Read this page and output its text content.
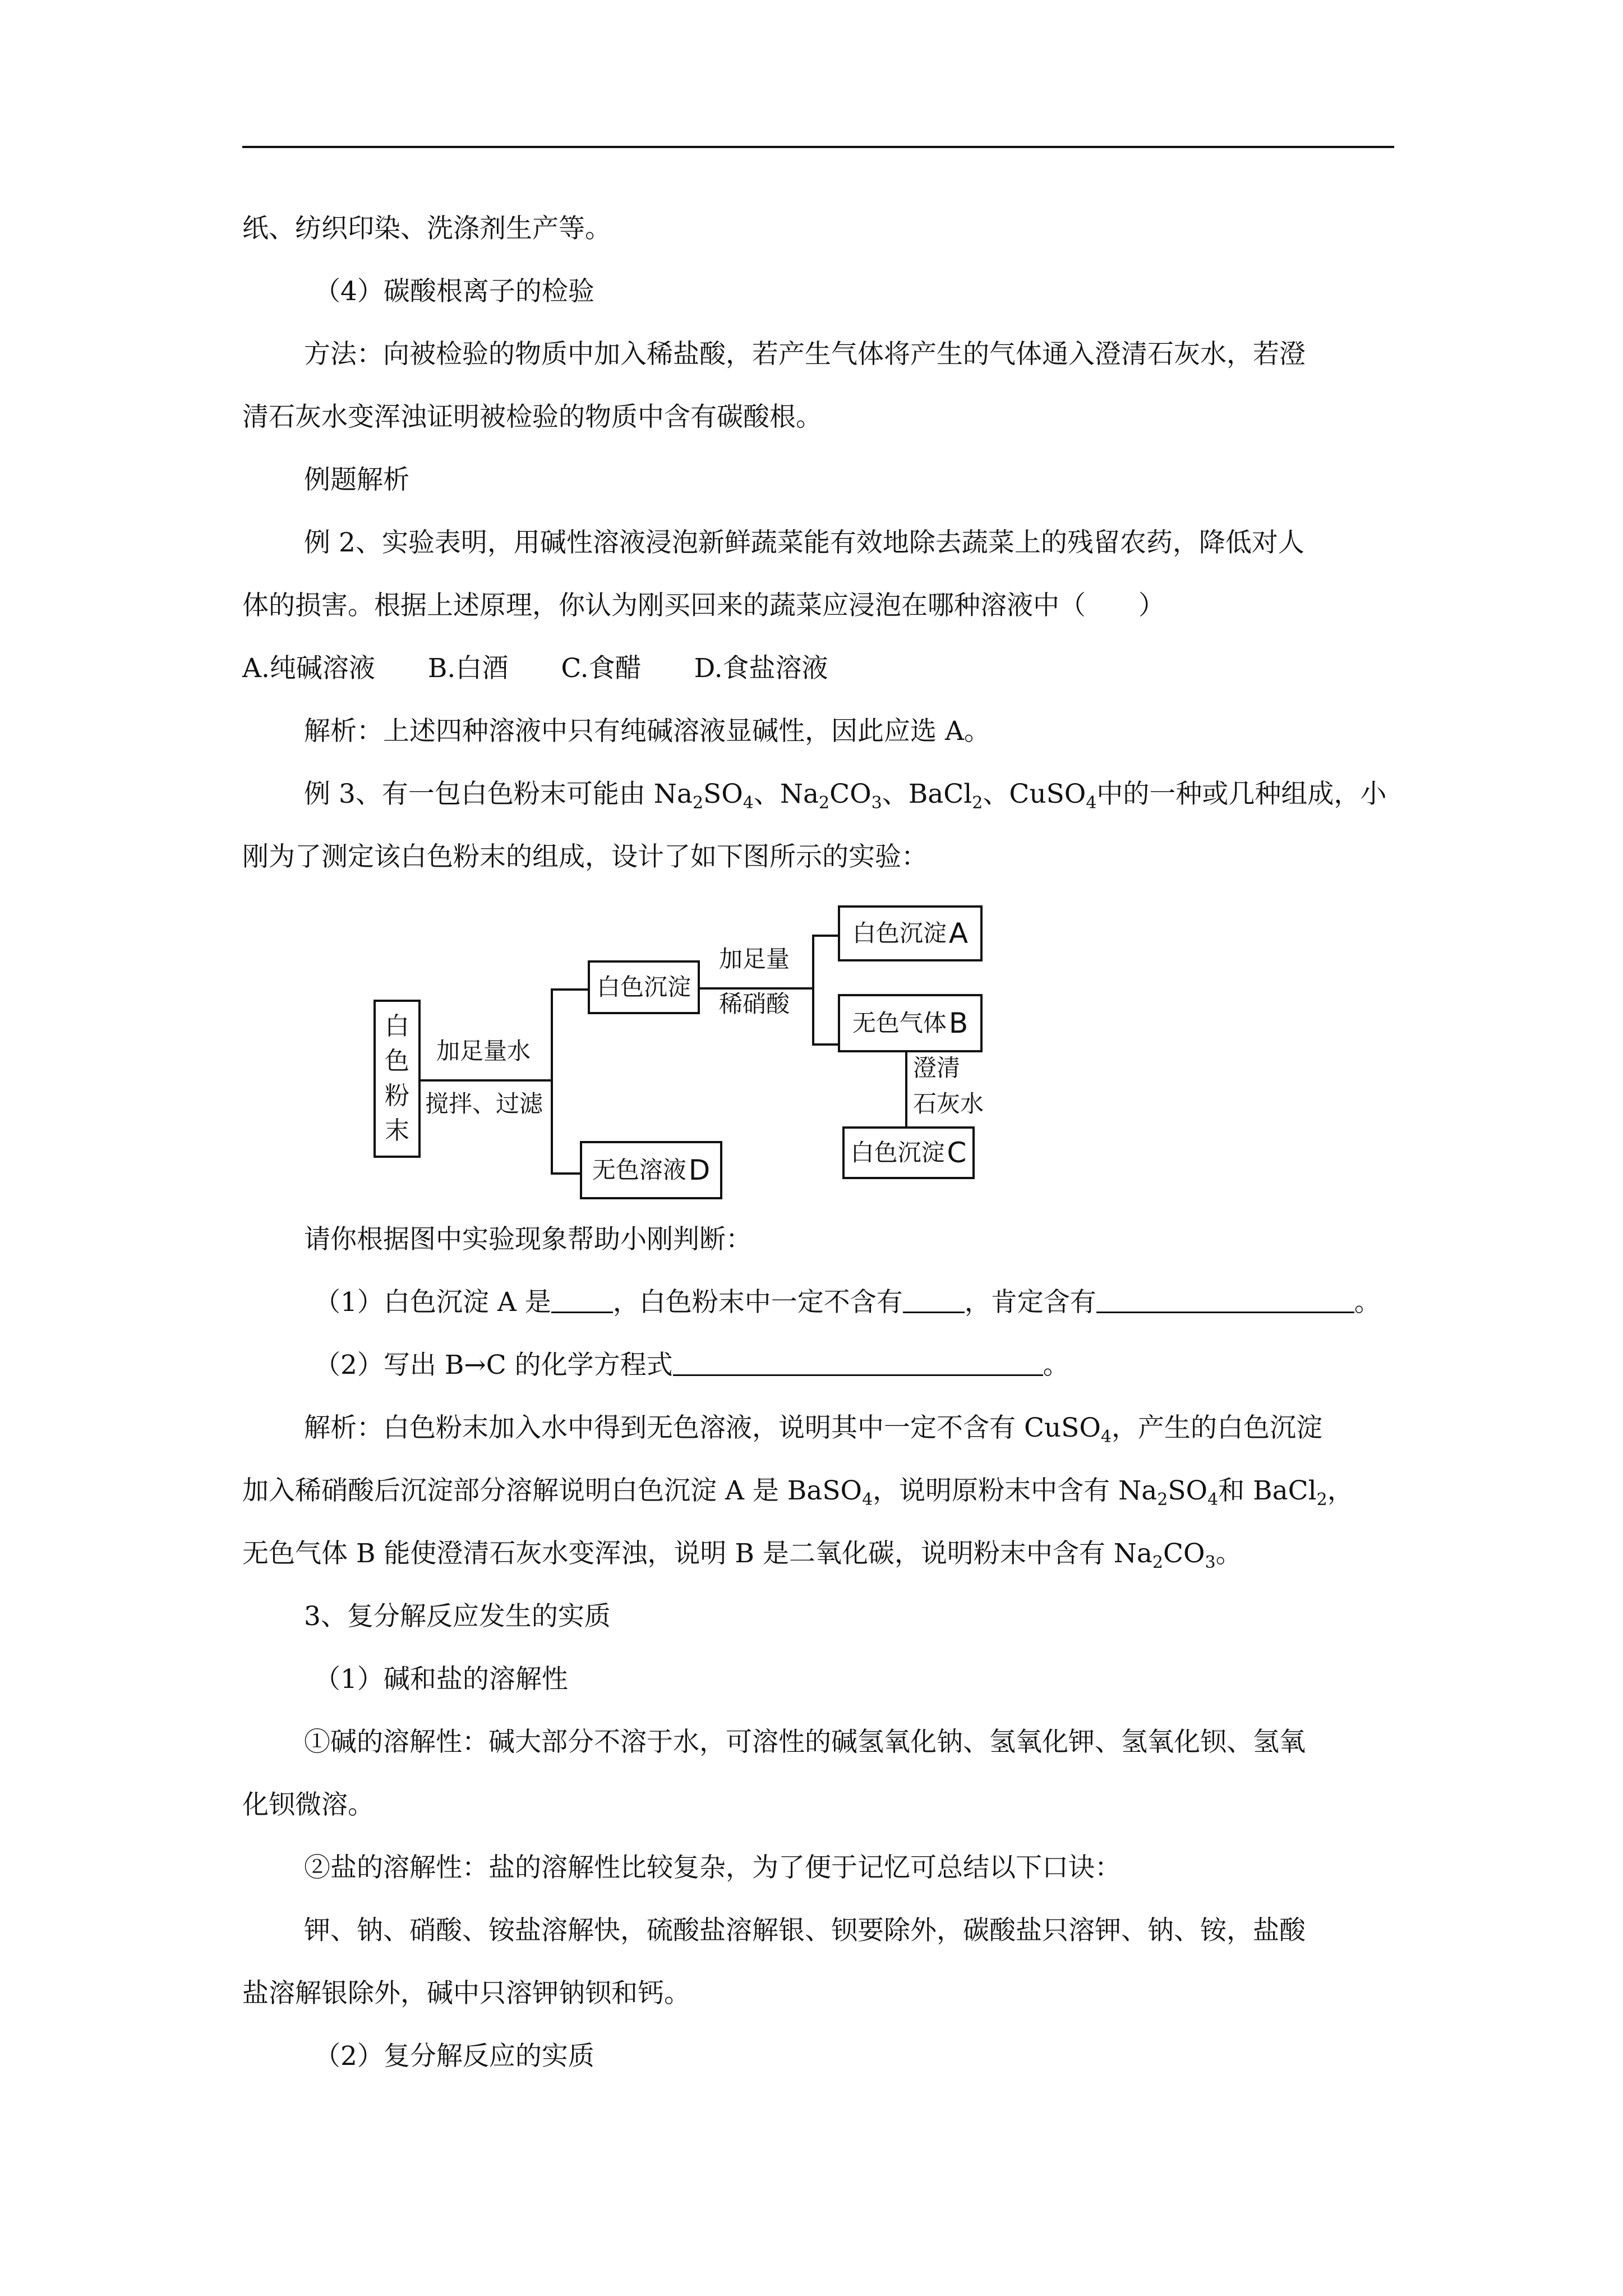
纸、纺织印染、洗涤剂生产等。

（4）碳酸根离子的检验

方法：向被检验的物质中加入稀盐酸，若产生气体将产生的气体通入澄清石灰水，若澄

清石灰水变浑浊证明被检验的物质中含有碳酸根。

例题解析

例 2、实验表明，用碱性溶液浸泡新鲜蔬菜能有效地除去蔬菜上的残留农药，降低对人

体的损害。根据上述原理，你认为刚买回来的蔬菜应浸泡在哪种溶液中（　　）

A.纯碱溶液　　B.白酒　　C.食醋　　D.食盐溶液

解析：上述四种溶液中只有纯碱溶液显碱性，因此应选 A。

例 3、有一包白色粉末可能由 $Na_2SO_4$、$Na_2CO_3$、BaCl$_2$、CuSO$_4$中的一种或几种组成，小

刚为了测定该白色粉末的组成，设计了如下图所示的实验：

白
色
粉
末
加足量水
搅拌、过滤
白色沉淀
加足量
稀硝酸
白色沉淀 A
无色气体 B
澄清
石灰水
白色沉淀 C
无色溶液 D

请你根据图中实验现象帮助小刚判断：

（1）白色沉淀 A 是 ，白色粉末中一定不含有 ，肯定含有	。

（2）写出 B→C 的化学方程式	。

解析：白色粉末加入水中得到无色溶液，说明其中一定不含有 CuSO$_4$，产生的白色沉淀

加入稀硝酸后沉淀部分溶解说明白色沉淀 A 是 BaSO$_4$，说明原粉末中含有 $Na_2SO_4$和 BaCl$_2$，

无色气体 B 能使澄清石灰水变浑浊，说明 B 是二氧化碳，说明粉末中含有 $Na_2CO_3$。

3、复分解反应发生的实质

（1）碱和盐的溶解性

①碱的溶解性：碱大部分不溶于水，可溶性的碱氢氧化钠、氢氧化钾、氢氧化钡、氢氧

化钡微溶。

②盐的溶解性：盐的溶解性比较复杂，为了便于记忆可总结以下口诀：

钾、钠、硝酸、铵盐溶解快，硫酸盐溶解银、钡要除外，碳酸盐只溶钾、钠、铵，盐酸

盐溶解银除外，碱中只溶钾钠钡和钙。

（2）复分解反应的实质
